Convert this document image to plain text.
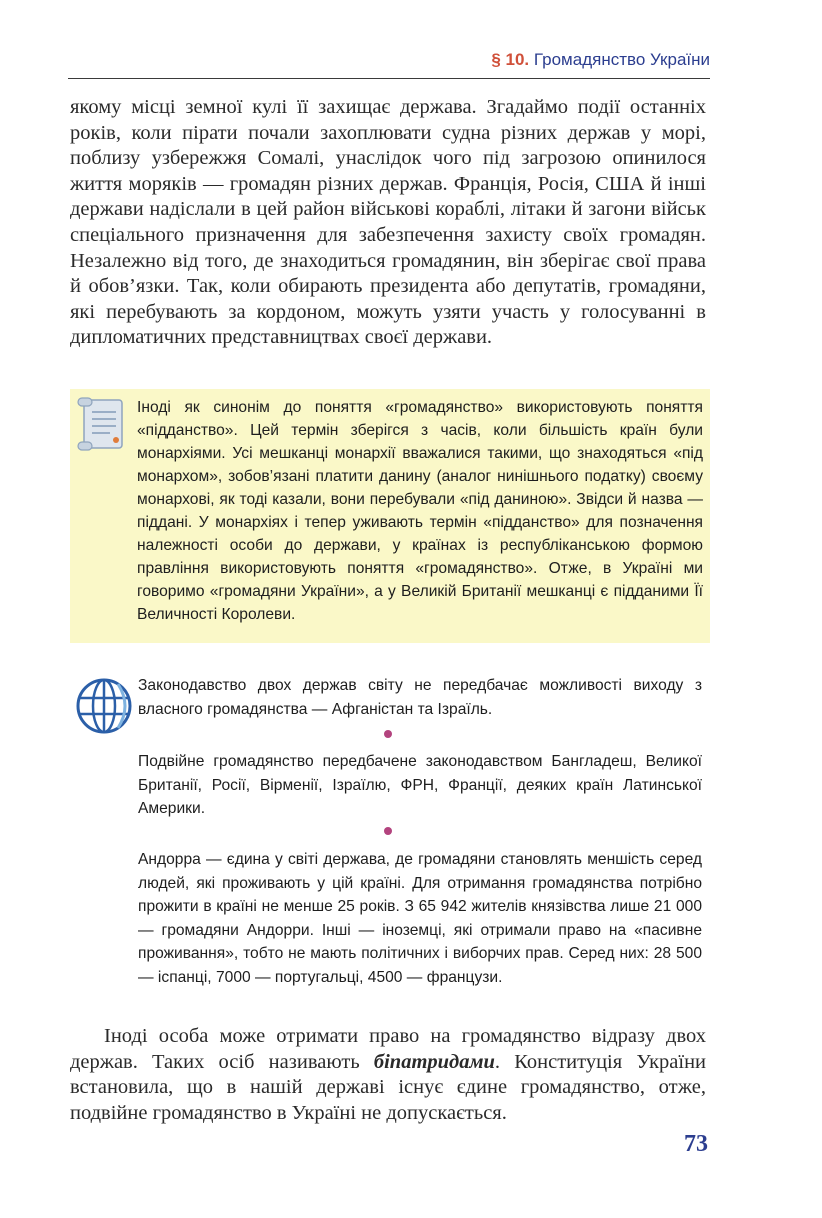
§ 10. Громадянство України

якому місці земної кулі її захищає держава. Згадаймо події останніх років, коли пірати почали захоплювати судна різних держав у морі, поблизу узбережжя Сомалі, унаслідок чого під загрозою опинилося життя моряків — громадян різних держав. Франція, Росія, США й інші держави надіслали в цей район військові кораблі, літаки й загони військ спеціального призначення для забезпечення захисту своїх громадян. Незалежно від того, де знаходиться громадянин, він зберігає свої права й обов’язки. Так, коли обирають президента або депутатів, громадяни, які перебувають за кордоном, можуть узяти участь у голосуванні в дипломатичних представництвах своєї держави.

Іноді як синонім до поняття «громадянство» використовують поняття «підданство». Цей термін зберігся з часів, коли більшість країн були монархіями. Усі мешканці монархії вважалися такими, що знаходяться «під монархом», зобов’язані платити данину (аналог нинішнього податку) своєму монархові, як тоді казали, вони перебували «під даниною». Звідси й назва — піддані. У монархіях і тепер уживають термін «підданство» для позначення належності особи до держави, у країнах із республіканською формою правління використовують поняття «громадянство». Отже, в Україні ми говоримо «громадяни України», а у Великій Британії мешканці є підданими Її Величності Королеви.

Законодавство двох держав світу не передбачає можливості виходу з власного громадянства — Афганістан та Ізраїль.

Подвійне громадянство передбачене законодавством Бангладеш, Великої Британії, Росії, Вірменії, Ізраїлю, ФРН, Франції, деяких країн Латинської Америки.

Андорра — єдина у світі держава, де громадяни становлять меншість серед людей, які проживають у цій країні. Для отримання громадянства потрібно прожити в країні не менше 25 років. З 65 942 жителів князівства лише 21 000 — громадяни Андорри. Інші — іноземці, які отримали право на «пасивне проживання», тобто не мають політичних і виборчих прав. Серед них: 28 500 — іспанці, 7000 — португальці, 4500 — французи.

Іноді особа може отримати право на громадянство відразу двох держав. Таких осіб називають біпатридами. Конституція України встановила, що в нашій державі існує єдине громадянство, отже, подвійне громадянство в Україні не допускається.

73
